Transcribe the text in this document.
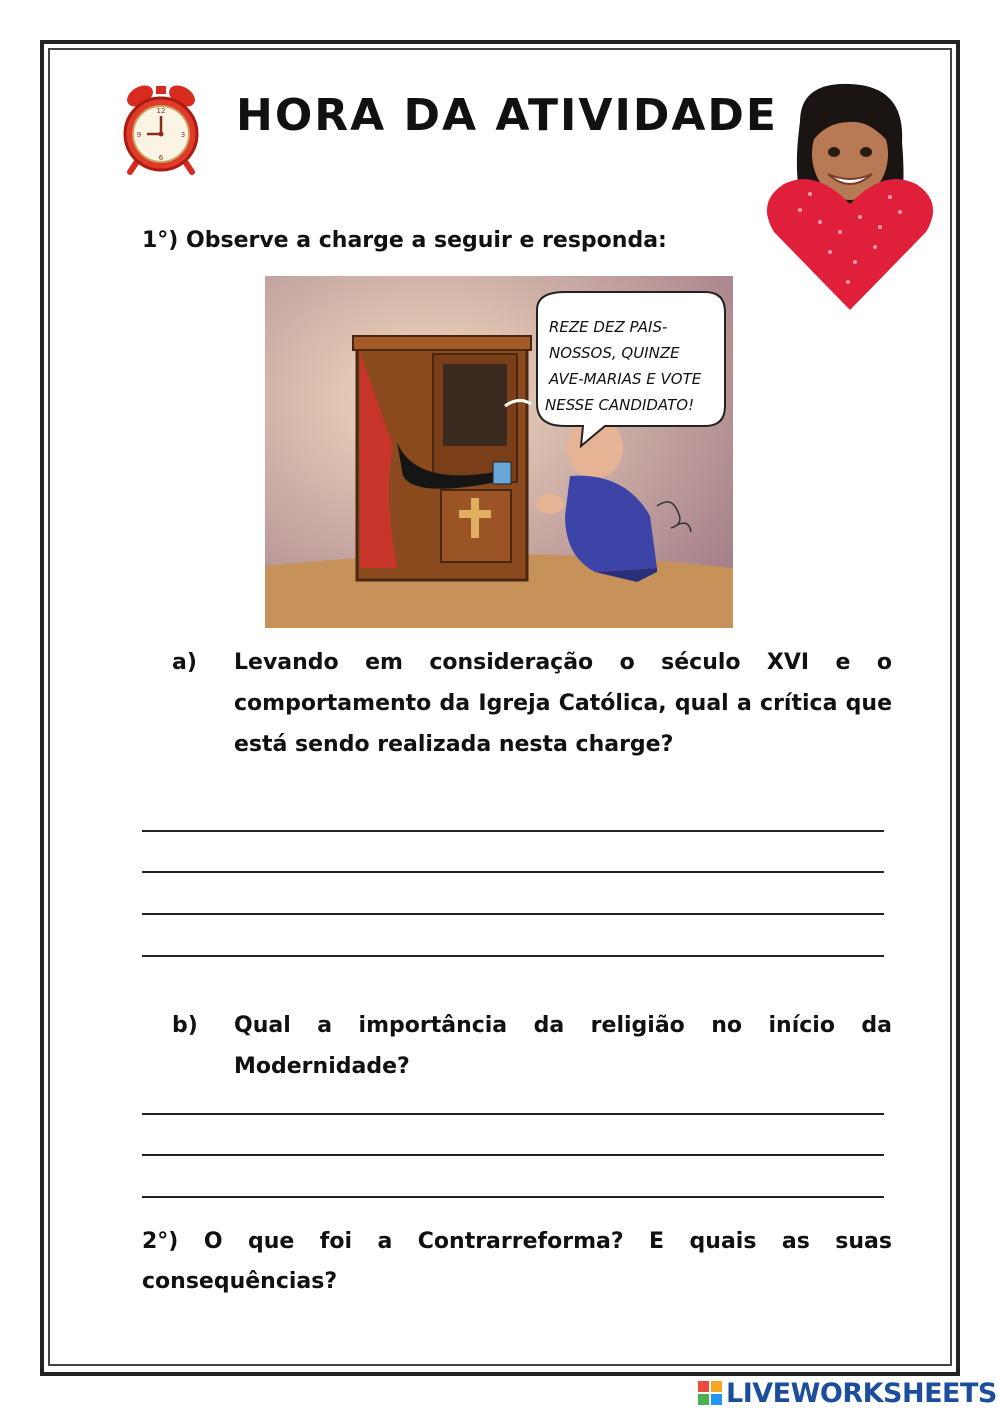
12
3
6
9 HORA DA ATIVIDADE

1°) Observe a charge a seguir e responda:

REZE DEZ PAIS-
NOSSOS, QUINZE
AVE-MARIAS E VOTE
NESSE CANDIDATO!
a) Levando em consideração o século XVI e o comportamento da Igreja Católica, qual a crítica que está sendo realizada nesta charge?
b) Qual a importância da religião no início da Modernidade?
2°) O que foi a Contrarreforma? E quais as suas consequências?
LIVEWORKSHEETS
